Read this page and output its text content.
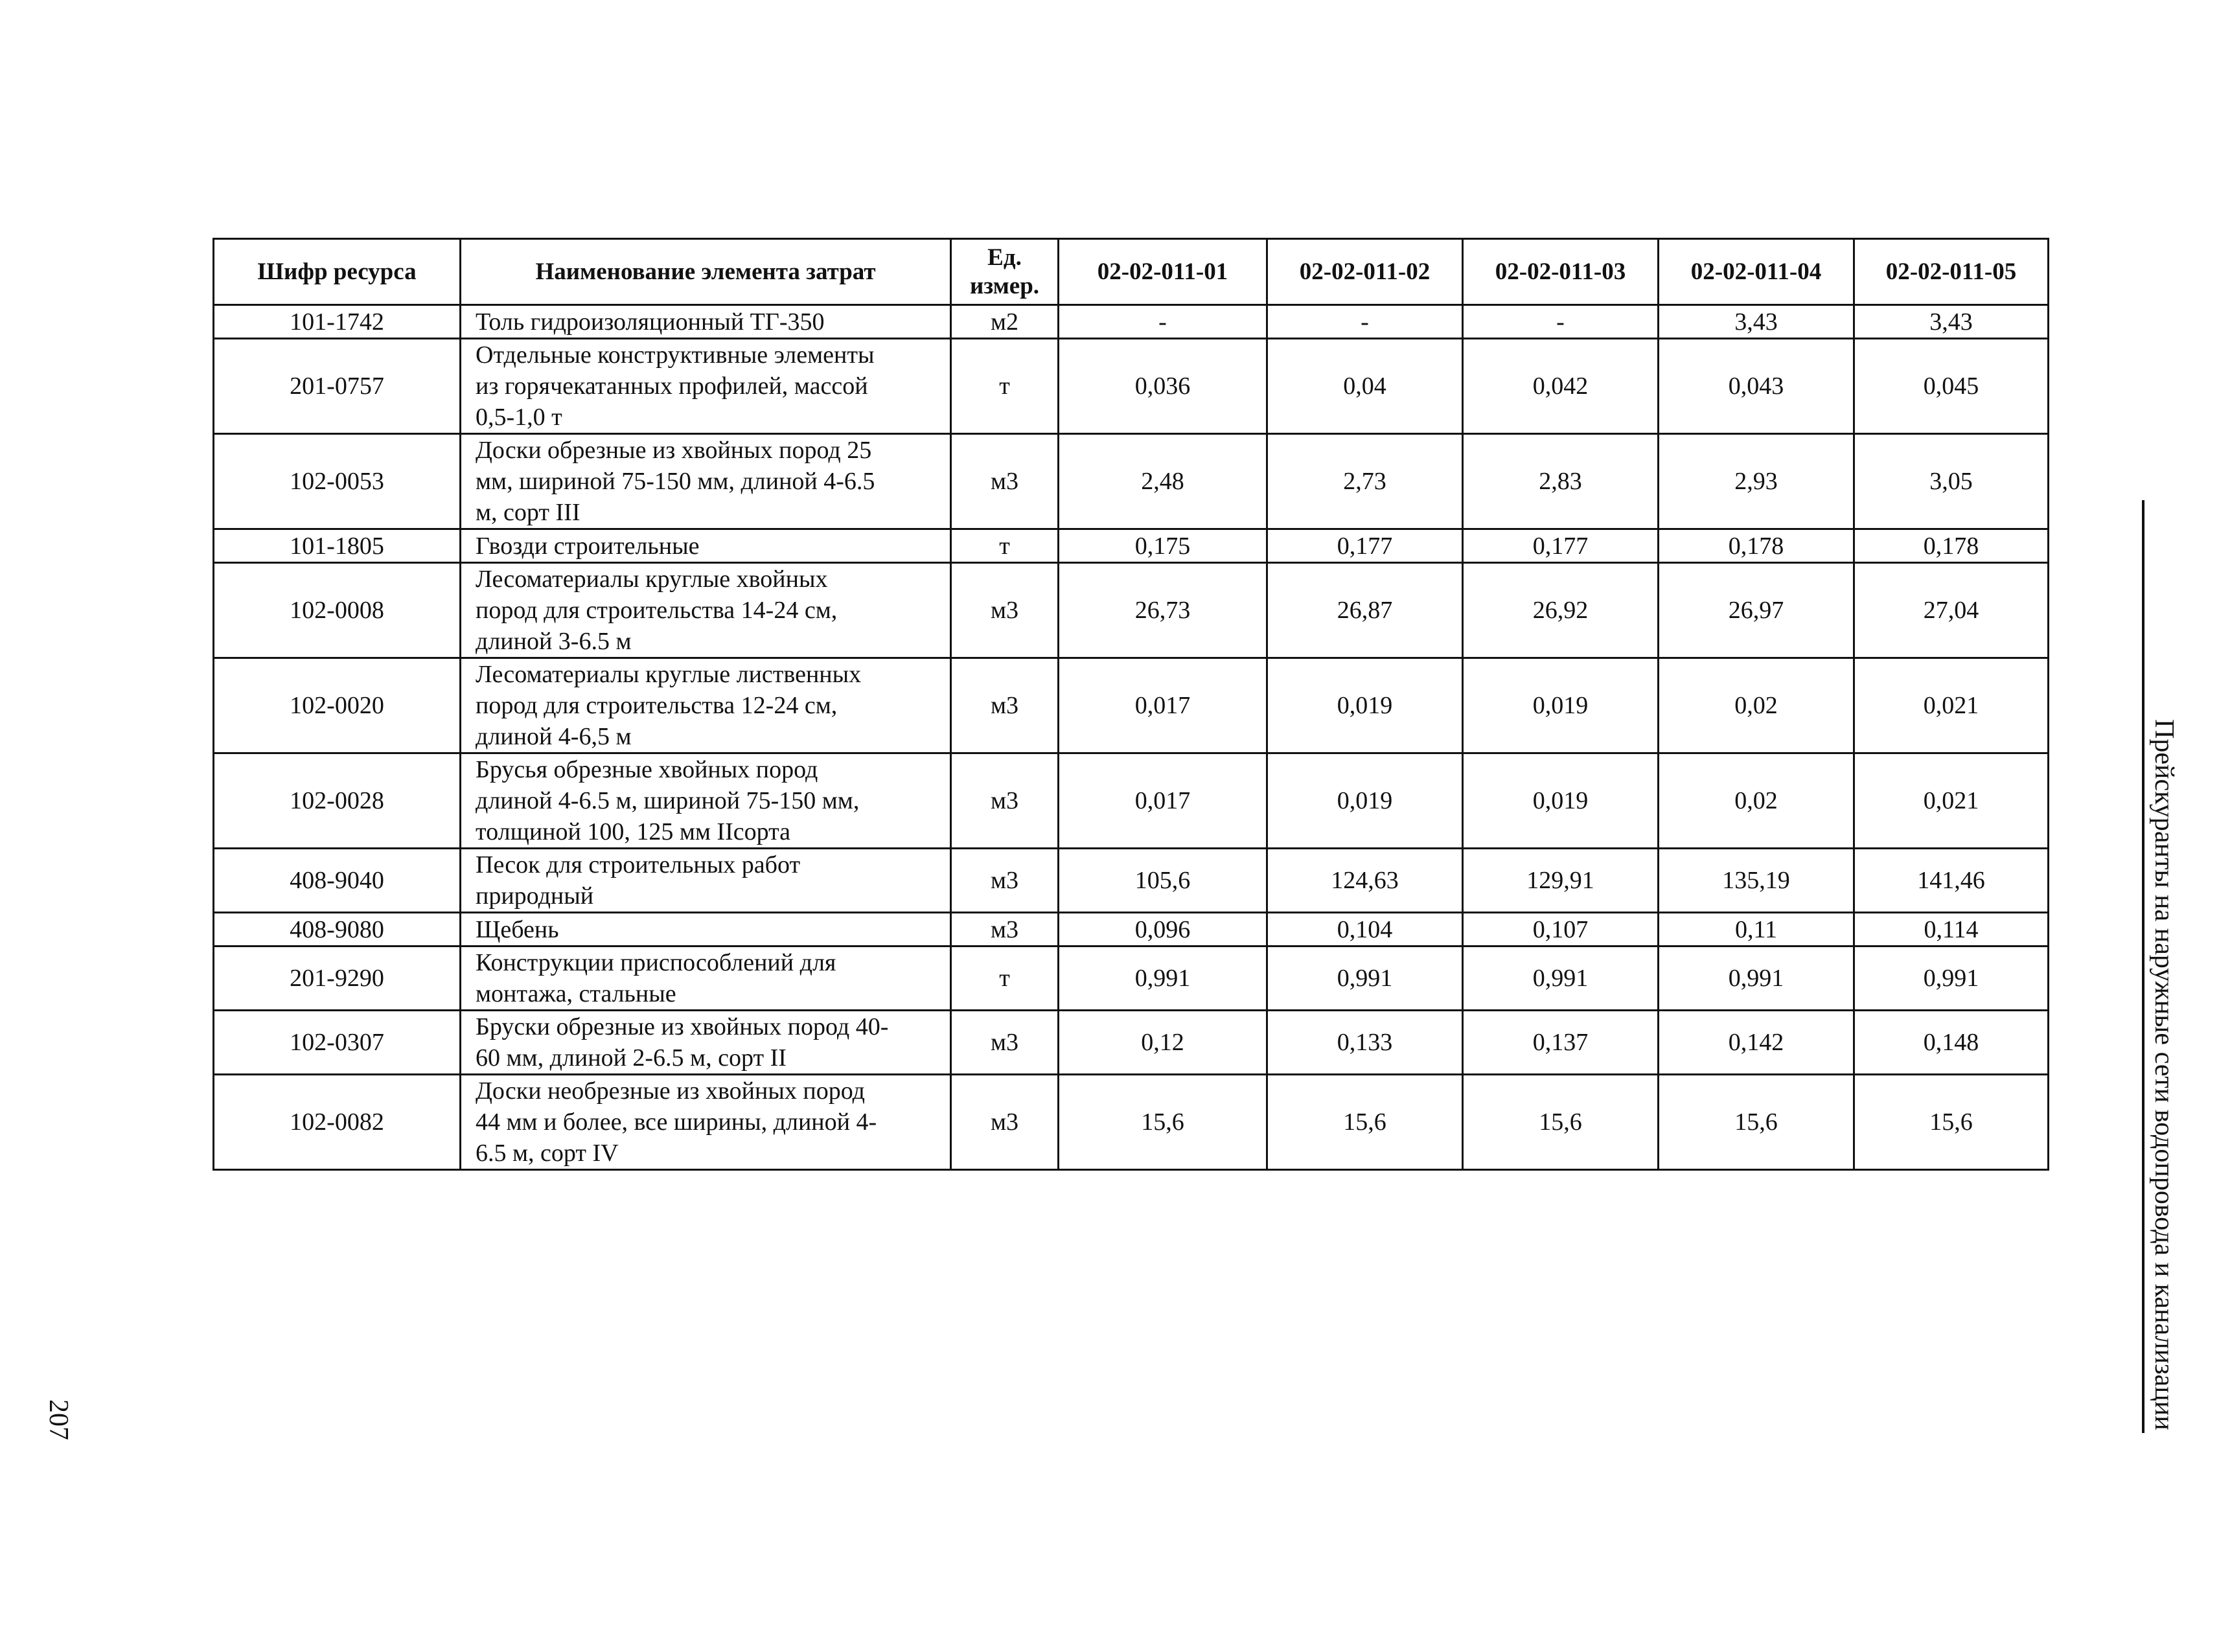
Шифр ресурса	Наименование элемента затрат	Ед.
измер.	02-02-011-01	02-02-011-02	02-02-011-03	02-02-011-04	02-02-011-05
101-1742	Толь гидроизоляционный ТГ-350	м2	-	-	-	3,43	3,43
201-0757	Отдельные конструктивные элементы
из горячекатанных профилей, массой
0,5-1,0 т	т	0,036	0,04	0,042	0,043	0,045
102-0053	Доски обрезные из хвойных пород 25
мм, шириной 75-150 мм, длиной 4-6.5
м, сорт III	м3	2,48	2,73	2,83	2,93	3,05
101-1805	Гвозди строительные	т	0,175	0,177	0,177	0,178	0,178
102-0008	Лесоматериалы круглые хвойных
пород для строительства 14-24 см,
длиной 3-6.5 м	м3	26,73	26,87	26,92	26,97	27,04
102-0020	Лесоматериалы круглые лиственных
пород для строительства 12-24 см,
длиной 4-6,5 м	м3	0,017	0,019	0,019	0,02	0,021
102-0028	Брусья обрезные хвойных пород
длиной 4-6.5 м, шириной 75-150 мм,
толщиной 100, 125 мм IIсорта	м3	0,017	0,019	0,019	0,02	0,021
408-9040	Песок для строительных работ
природный	м3	105,6	124,63	129,91	135,19	141,46
408-9080	Щебень	м3	0,096	0,104	0,107	0,11	0,114
201-9290	Конструкции приспособлений для
монтажа, стальные	т	0,991	0,991	0,991	0,991	0,991
102-0307	Бруски обрезные из хвойных пород 40-
60 мм, длиной 2-6.5 м, сорт II	м3	0,12	0,133	0,137	0,142	0,148
102-0082	Доски необрезные из хвойных пород
44 мм и более, все ширины, длиной 4-
6.5 м, сорт IV	м3	15,6	15,6	15,6	15,6	15,6	Прейскуранты на наружные сети водопровода и канализации
207
